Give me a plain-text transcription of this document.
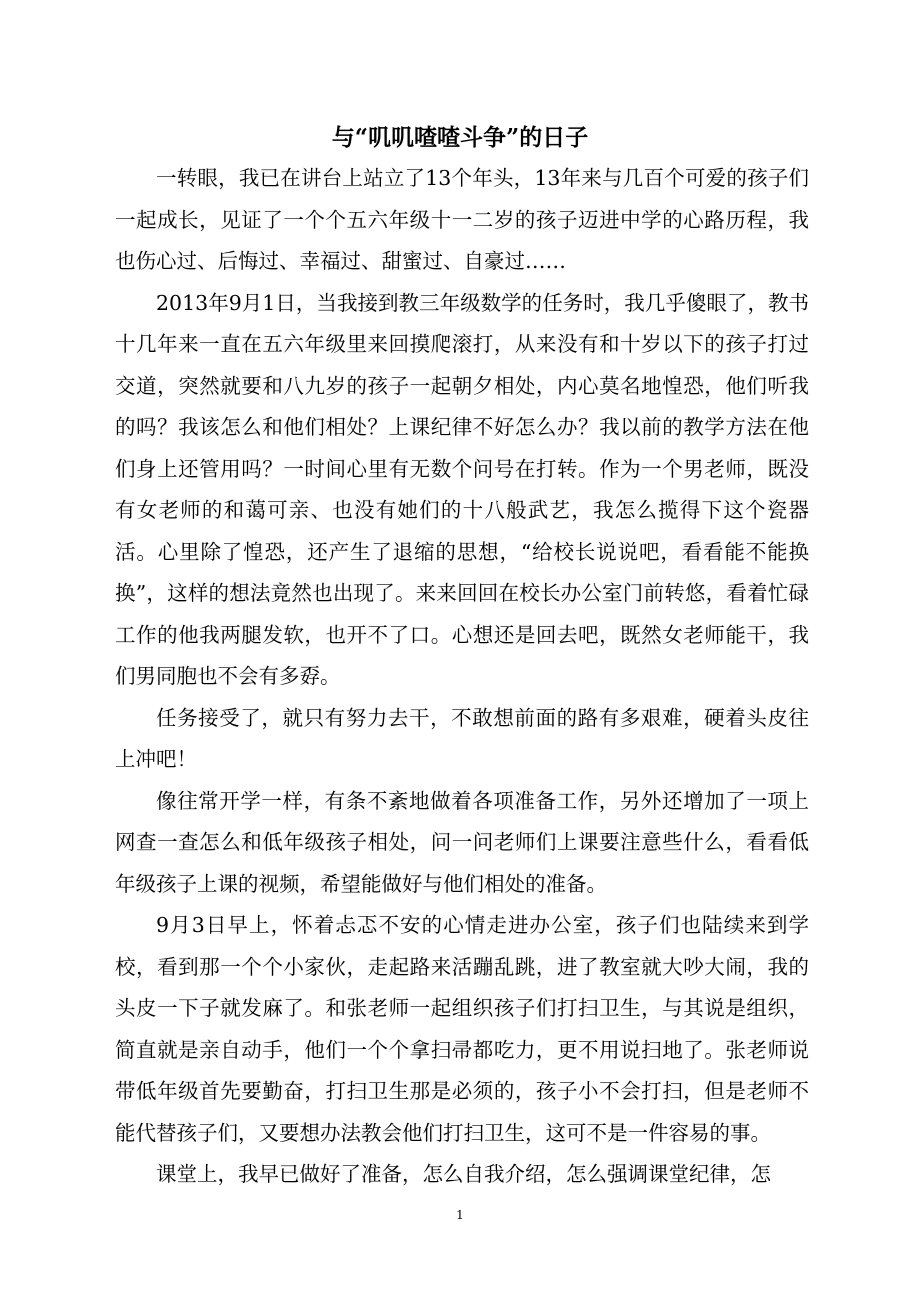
与“叽叽喳喳斗争”的日子

一转眼，我已在讲台上站立了13个年头，13年来与几百个可爱的孩子们一起成长，见证了一个个五六年级十一二岁的孩子迈进中学的心路历程，我也伤心过、后悔过、幸福过、甜蜜过、自豪过……

2013年9月1日，当我接到教三年级数学的任务时，我几乎傻眼了，教书十几年来一直在五六年级里来回摸爬滚打，从来没有和十岁以下的孩子打过交道，突然就要和八九岁的孩子一起朝夕相处，内心莫名地惶恐，他们听我的吗？我该怎么和他们相处？上课纪律不好怎么办？我以前的教学方法在他们身上还管用吗？一时间心里有无数个问号在打转。作为一个男老师，既没有女老师的和蔼可亲、也没有她们的十八般武艺，我怎么揽得下这个瓷器活。心里除了惶恐，还产生了退缩的思想，“给校长说说吧，看看能不能换换”，这样的想法竟然也出现了。来来回回在校长办公室门前转悠，看着忙碌工作的他我两腿发软，也开不了口。心想还是回去吧，既然女老师能干，我们男同胞也不会有多孬。

任务接受了，就只有努力去干，不敢想前面的路有多艰难，硬着头皮往上冲吧！

像往常开学一样，有条不紊地做着各项准备工作，另外还增加了一项上网查一查怎么和低年级孩子相处，问一问老师们上课要注意些什么，看看低年级孩子上课的视频，希望能做好与他们相处的准备。

9月3日早上，怀着忐忑不安的心情走进办公室，孩子们也陆续来到学校，看到那一个个小家伙，走起路来活蹦乱跳，进了教室就大吵大闹，我的头皮一下子就发麻了。和张老师一起组织孩子们打扫卫生，与其说是组织，简直就是亲自动手，他们一个个拿扫帚都吃力，更不用说扫地了。张老师说带低年级首先要勤奋，打扫卫生那是必须的，孩子小不会打扫，但是老师不能代替孩子们，又要想办法教会他们打扫卫生，这可不是一件容易的事。

课堂上，我早已做好了准备，怎么自我介绍，怎么强调课堂纪律，怎

1
